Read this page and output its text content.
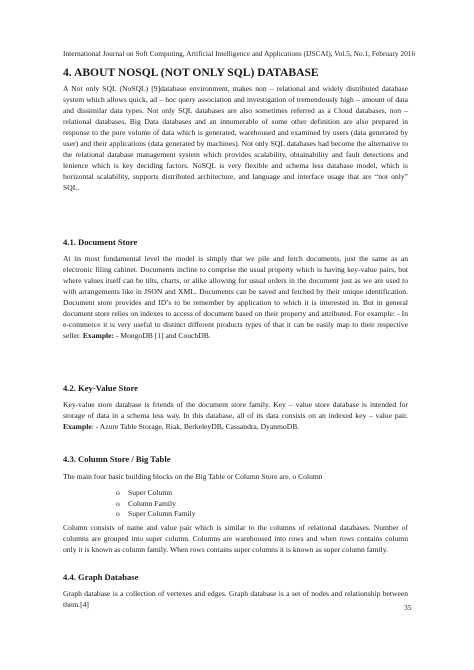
International Journal on Soft Computing, Artificial Intelligence and Applications (IJSCAI), Vol.5, No.1, February 2016
4. ABOUT NOSQL (NOT ONLY SQL) DATABASE

A Not only SQL (NoSQL) [9]database environment, makes non – relational and widely distributed database system which allows quick, ad – hoc query association and investigation of tremendously high – amount of data and dissimilar data types. Not only SQL databases are also sometimes referred as a Cloud databases, non – relational databases, Big Data databases and an innumerable of some other definition are also prepared in response to the pure volume of data which is generated, warehoused and examined by users (data generated by user) and their applications (data generated by machines). Not only SQL databases had become the alternative to the relational database management system which provides scalability, obtainability and fault detections and lenience which is key deciding factors. NoSQL is very flexible and schema less database model, which is horizontal scalability, supports distributed architecture, and language and interface usage that are “not only” SQL.

4.1. Document Store

At its most fundamental level the model is simply that we pile and fetch documents, just the same as an electronic filing cabinet. Documents incline to comprise the usual property which is having key-value pairs, but where values itself can be tilts, charts, or alike allowing for usual orders in the document just as we are used to with arrangements like in JSON and XML. Documents can be saved and fetched by their unique identification. Document store provides and ID’s to be remember by application to which it is interested in. But in general document store relies on indexes to access of document based on their property and attributed. For example: - In e-commerce it is very useful to distinct different products types of that it can be easily map to their respective seller. Example: - MongoDB [1] and CouchDB.

4.2. Key-Value Store

Key-value store database is friends of the document store family. Key – value store database is intended for storage of data in a schema less way. In this database, all of its data consists on an indexed key – value pair. Example: - Azure Table Storage, Riak, BerkeleyDB, Cassandra, DyanmoDB.

4.3. Column Store / Big Table

The main four basic building blocks on the Big Table or Column Store are. o Column

o Super Column
o Column Family
o Super Column Family

Column consists of name and value pair which is similar to the columns of relational databases. Number of columns are grouped into super column. Columns are warehoused into rows and when rows contains column only it is known as column family. When rows contains super columns it is known as super column family.

4.4. Graph Database

Graph database is a collection of vertexes and edges. Graph database is a set of nodes and relationship between them.[4]	35
